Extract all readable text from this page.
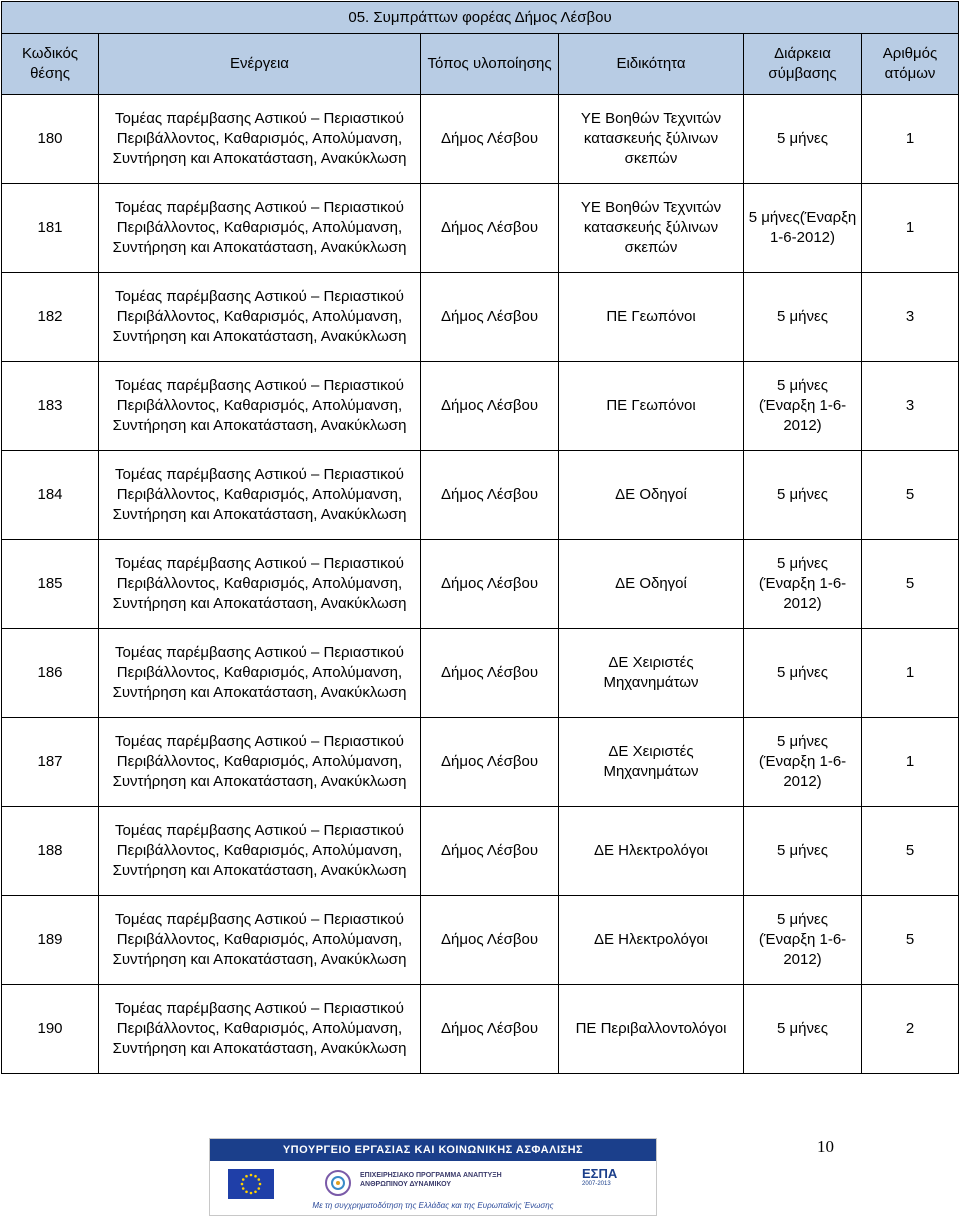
05. Συμπράττων φορέας Δήμος Λέσβου					
Κωδικός θέσης	Ενέργεια	Τόπος υλοποίησης	Ειδικότητα	Διάρκεια σύμβασης	Αριθμός ατόμων
180	Τομέας παρέμβασης Αστικού – Περιαστικού Περιβάλλοντος, Καθαρισμός, Απολύμανση, Συντήρηση και Αποκατάσταση, Ανακύκλωση	Δήμος Λέσβου	ΥΕ Βοηθών Τεχνιτών κατασκευής ξύλινων σκεπών	5 μήνες	1
181	Τομέας παρέμβασης Αστικού – Περιαστικού Περιβάλλοντος, Καθαρισμός, Απολύμανση, Συντήρηση και Αποκατάσταση, Ανακύκλωση	Δήμος Λέσβου	ΥΕ Βοηθών Τεχνιτών κατασκευής ξύλινων σκεπών	5 μήνες(Έναρξη 1-6-2012)	1
182	Τομέας παρέμβασης Αστικού – Περιαστικού Περιβάλλοντος, Καθαρισμός, Απολύμανση, Συντήρηση και Αποκατάσταση, Ανακύκλωση	Δήμος Λέσβου	ΠΕ Γεωπόνοι	5 μήνες	3
183	Τομέας παρέμβασης Αστικού – Περιαστικού Περιβάλλοντος, Καθαρισμός, Απολύμανση, Συντήρηση και Αποκατάσταση, Ανακύκλωση	Δήμος Λέσβου	ΠΕ Γεωπόνοι	5 μήνες (Έναρξη 1-6-2012)	3
184	Τομέας παρέμβασης Αστικού – Περιαστικού Περιβάλλοντος, Καθαρισμός, Απολύμανση, Συντήρηση και Αποκατάσταση, Ανακύκλωση	Δήμος Λέσβου	ΔΕ Οδηγοί	5 μήνες	5
185	Τομέας παρέμβασης Αστικού – Περιαστικού Περιβάλλοντος, Καθαρισμός, Απολύμανση, Συντήρηση και Αποκατάσταση, Ανακύκλωση	Δήμος Λέσβου	ΔΕ Οδηγοί	5 μήνες (Έναρξη 1-6-2012)	5
186	Τομέας παρέμβασης Αστικού – Περιαστικού Περιβάλλοντος, Καθαρισμός, Απολύμανση, Συντήρηση και Αποκατάσταση, Ανακύκλωση	Δήμος Λέσβου	ΔΕ Χειριστές Μηχανημάτων	5 μήνες	1
187	Τομέας παρέμβασης Αστικού – Περιαστικού Περιβάλλοντος, Καθαρισμός, Απολύμανση, Συντήρηση και Αποκατάσταση, Ανακύκλωση	Δήμος Λέσβου	ΔΕ Χειριστές Μηχανημάτων	5 μήνες (Έναρξη 1-6-2012)	1
188	Τομέας παρέμβασης Αστικού – Περιαστικού Περιβάλλοντος, Καθαρισμός, Απολύμανση, Συντήρηση και Αποκατάσταση, Ανακύκλωση	Δήμος Λέσβου	ΔΕ Ηλεκτρολόγοι	5 μήνες	5
189	Τομέας παρέμβασης Αστικού – Περιαστικού Περιβάλλοντος, Καθαρισμός, Απολύμανση, Συντήρηση και Αποκατάσταση, Ανακύκλωση	Δήμος Λέσβου	ΔΕ Ηλεκτρολόγοι	5 μήνες (Έναρξη 1-6-2012)	5
190	Τομέας παρέμβασης Αστικού – Περιαστικού Περιβάλλοντος, Καθαρισμός, Απολύμανση, Συντήρηση και Αποκατάσταση, Ανακύκλωση	Δήμος Λέσβου	ΠΕ Περιβαλλοντολόγοι	5 μήνες	2
ΥΠΟΥΡΓΕΙΟ ΕΡΓΑΣΙΑΣ ΚΑΙ ΚΟΙΝΩΝΙΚΗΣ ΑΣΦΑΛΙΣΗΣ
ΕΠΙΧΕΙΡΗΣΙΑΚΟ ΠΡΟΓΡΑΜΜΑ ΑΝΑΠΤΥΞΗ ΑΝΘΡΩΠΙΝΟΥ ΔΥΝΑΜΙΚΟΥ
ΕΣΠΑ
2007-2013
Με τη συγχρηματοδότηση της Ελλάδας και της Ευρωπαϊκής Ένωσης
10
